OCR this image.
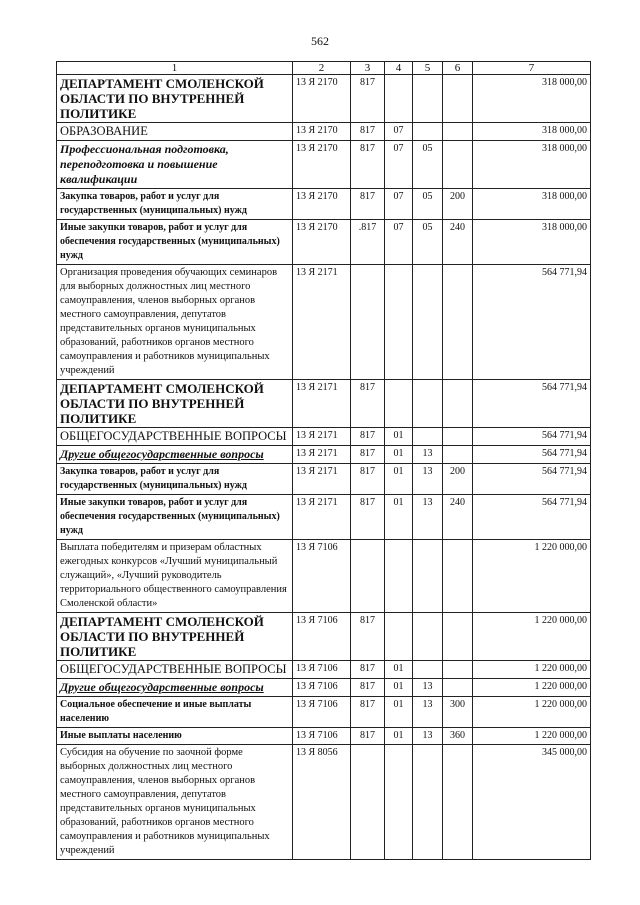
562
1	2	3	4	5	6	7
ДЕПАРТАМЕНТ СМОЛЕНСКОЙ ОБЛАСТИ ПО ВНУТРЕННЕЙ ПОЛИТИКЕ	13 Я 2170	817				318 000,00
ОБРАЗОВАНИЕ	13 Я 2170	817	07			318 000,00
Профессиональная подготовка, переподготовка и повышение квалификации	13 Я 2170	817	07	05		318 000,00
Закупка товаров, работ и услуг для государственных (муниципальных) нужд	13 Я 2170	817	07	05	200	318 000,00
Иные закупки товаров, работ и услуг для обеспечения государственных (муниципальных) нужд	13 Я 2170	.817	07	05	240	318 000,00
Организация проведения обучающих семинаров для выборных должностных лиц местного самоуправления, членов выборных органов местного самоуправления, депутатов представительных органов муниципальных образований, работников органов местного самоуправления и работников муниципальных учреждений	13 Я 2171					564 771,94
ДЕПАРТАМЕНТ СМОЛЕНСКОЙ ОБЛАСТИ ПО ВНУТРЕННЕЙ ПОЛИТИКЕ	13 Я 2171	817				564 771,94
ОБЩЕГОСУДАРСТВЕННЫЕ ВОПРОСЫ	13 Я 2171	817	01			564 771,94
Другие общегосударственные вопросы	13 Я 2171	817	01	13		564 771,94
Закупка товаров, работ и услуг для государственных (муниципальных) нужд	13 Я 2171	817	01	13	200	564 771,94
Иные закупки товаров, работ и услуг для обеспечения государственных (муниципальных) нужд	13 Я 2171	817	01	13	240	564 771,94
Выплата победителям и призерам областных ежегодных конкурсов «Лучший муниципальный служащий», «Лучший руководитель территориального общественного самоуправления Смоленской области»	13 Я 7106					1 220 000,00
ДЕПАРТАМЕНТ СМОЛЕНСКОЙ ОБЛАСТИ ПО ВНУТРЕННЕЙ ПОЛИТИКЕ	13 Я 7106	817				1 220 000,00
ОБЩЕГОСУДАРСТВЕННЫЕ ВОПРОСЫ	13 Я 7106	817	01			1 220 000,00
Другие общегосударственные вопросы	13 Я 7106	817	01	13		1 220 000,00
Социальное обеспечение и иные выплаты населению	13 Я 7106	817	01	13	300	1 220 000,00
Иные выплаты населению	13 Я 7106	817	01	13	360	1 220 000,00
Субсидия на обучение по заочной форме выборных должностных лиц местного самоуправления, членов выборных органов местного самоуправления, депутатов представительных органов муниципальных образований, работников органов местного самоуправления и работников муниципальных учреждений	13 Я 8056					345 000,00
